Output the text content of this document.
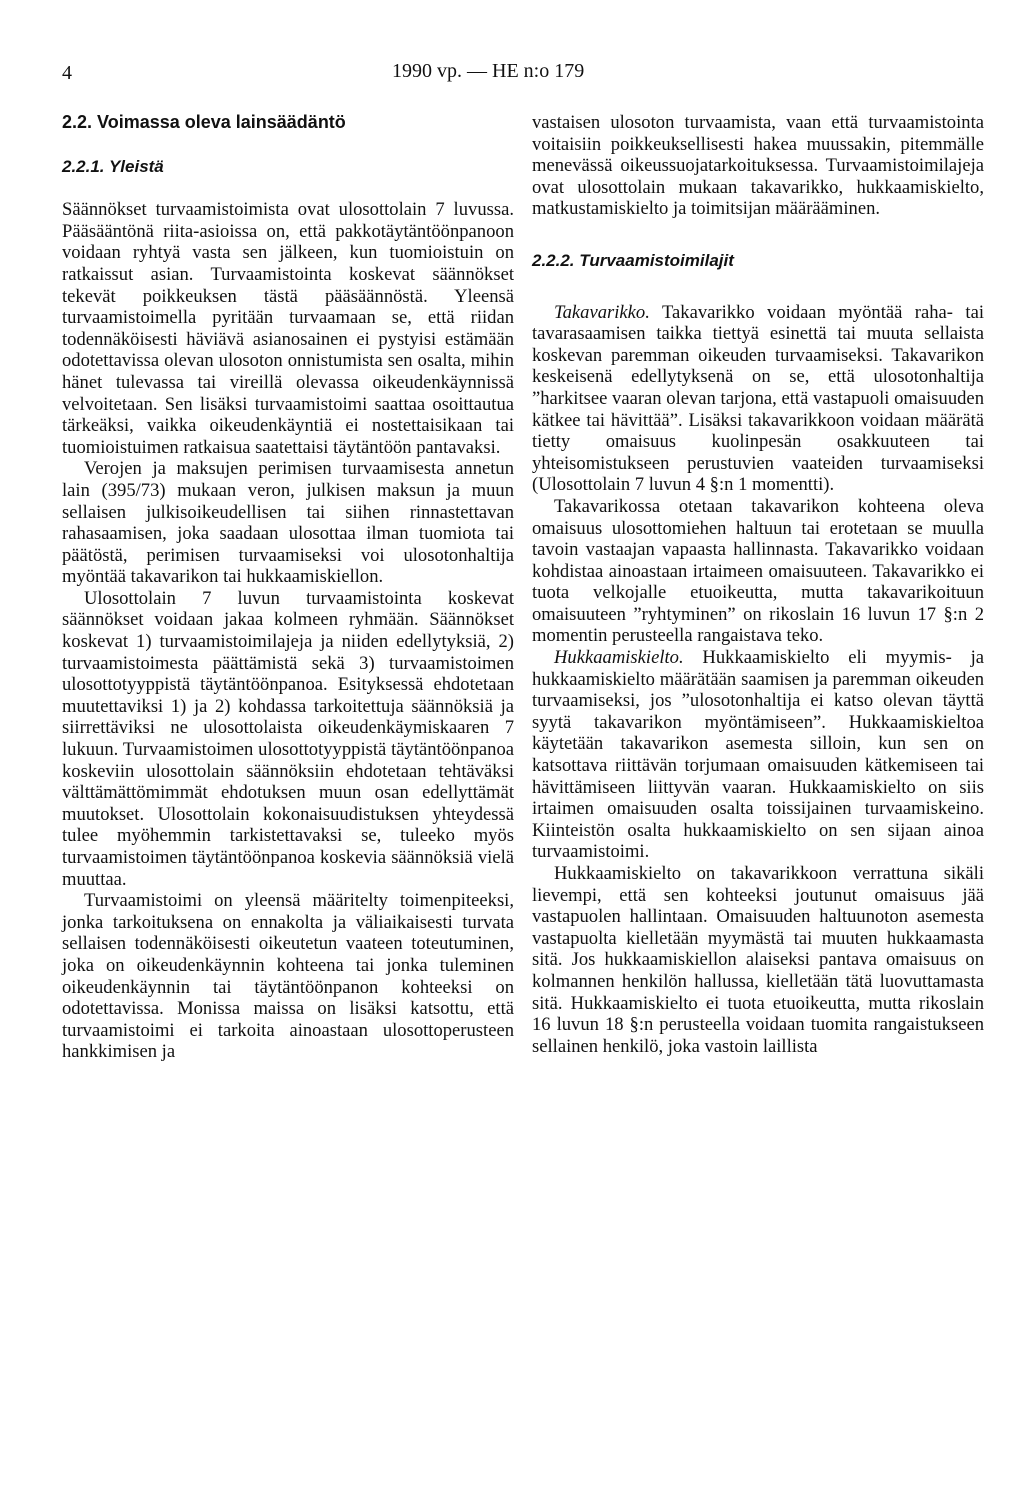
4	1990 vp. — HE n:o 179
2.2. Voimassa oleva lainsäädäntö
2.2.1. Yleistä

Säännökset turvaamistoimista ovat ulosottolain 7 luvussa. Pääsääntönä riita-asioissa on, että pakkotäytäntöönpanoon voidaan ryhtyä vasta sen jälkeen, kun tuomioistuin on ratkaissut asian. Turvaamistointa koskevat säännökset tekevät poikkeuksen tästä pääsäännöstä. Yleensä turvaamistoimella pyritään turvaamaan se, että riidan todennäköisesti häviävä asianosainen ei pystyisi estämään odotettavissa olevan ulosoton onnistumista sen osalta, mihin hänet tulevassa tai vireillä olevassa oikeudenkäynnissä velvoitetaan. Sen lisäksi turvaamistoimi saattaa osoittautua tärkeäksi, vaikka oikeudenkäyntiä ei nostettaisikaan tai tuomioistuimen ratkaisua saatettaisi täytäntöön pantavaksi.

Verojen ja maksujen perimisen turvaamisesta annetun lain (395/73) mukaan veron, julkisen maksun ja muun sellaisen julkisoikeudellisen tai siihen rinnastettavan rahasaamisen, joka saadaan ulosottaa ilman tuomiota tai päätöstä, perimisen turvaamiseksi voi ulosotonhaltija myöntää takavarikon tai hukkaamiskiellon.

Ulosottolain 7 luvun turvaamistointa koskevat säännökset voidaan jakaa kolmeen ryhmään. Säännökset koskevat 1) turvaamistoimilajeja ja niiden edellytyksiä, 2) turvaamistoimesta päättämistä sekä 3) turvaamistoimen ulosottotyyppistä täytäntöönpanoa. Esityksessä ehdotetaan muutettaviksi 1) ja 2) kohdassa tarkoitettuja säännöksiä ja siirrettäviksi ne ulosottolaista oikeudenkäymiskaaren 7 lukuun. Turvaamistoimen ulosottotyyppistä täytäntöönpanoa koskeviin ulosottolain säännöksiin ehdotetaan tehtäväksi välttämättömimmät ehdotuksen muun osan edellyttämät muutokset. Ulosottolain kokonaisuudistuksen yhteydessä tulee myöhemmin tarkistettavaksi se, tuleeko myös turvaamistoimen täytäntöönpanoa koskevia säännöksiä vielä muuttaa.

Turvaamistoimi on yleensä määritelty toimenpiteeksi, jonka tarkoituksena on ennakolta ja väliaikaisesti turvata sellaisen todennäköisesti oikeutetun vaateen toteutuminen, joka on oikeudenkäynnin kohteena tai jonka tuleminen oikeudenkäynnin tai täytäntöönpanon kohteeksi on odotettavissa. Monissa maissa on lisäksi katsottu, että turvaamistoimi ei tarkoita ainoastaan ulosottoperusteen hankkimisen ja

vastaisen ulosoton turvaamista, vaan että turvaamistointa voitaisiin poikkeuksellisesti hakea muussakin, pitemmälle menevässä oikeussuojatarkoituksessa. Turvaamistoimilajeja ovat ulosottolain mukaan takavarikko, hukkaamiskielto, matkustamiskielto ja toimitsijan määrääminen.

2.2.2. Turvaamistoimilajit

Takavarikko. Takavarikko voidaan myöntää raha- tai tavarasaamisen taikka tiettyä esinettä tai muuta sellaista koskevan paremman oikeuden turvaamiseksi. Takavarikon keskeisenä edellytyksenä on se, että ulosotonhaltija ”harkitsee vaaran olevan tarjona, että vastapuoli omaisuuden kätkee tai hävittää”. Lisäksi takavarikkoon voidaan määrätä tietty omaisuus kuolinpesän osakkuuteen tai yhteisomistukseen perustuvien vaateiden turvaamiseksi (Ulosottolain 7 luvun 4 §:n 1 momentti).

Takavarikossa otetaan takavarikon kohteena oleva omaisuus ulosottomiehen haltuun tai erotetaan se muulla tavoin vastaajan vapaasta hallinnasta. Takavarikko voidaan kohdistaa ainoastaan irtaimeen omaisuuteen. Takavarikko ei tuota velkojalle etuoikeutta, mutta takavarikoituun omaisuuteen ”ryhtyminen” on rikoslain 16 luvun 17 §:n 2 momentin perusteella rangaistava teko.

Hukkaamiskielto. Hukkaamiskielto eli myymis- ja hukkaamiskielto määrätään saamisen ja paremman oikeuden turvaamiseksi, jos ”ulosotonhaltija ei katso olevan täyttä syytä takavarikon myöntämiseen”. Hukkaamiskieltoa käytetään takavarikon asemesta silloin, kun sen on katsottava riittävän torjumaan omaisuuden kätkemiseen tai hävittämiseen liittyvän vaaran. Hukkaamiskielto on siis irtaimen omaisuuden osalta toissijainen turvaamiskeino. Kiinteistön osalta hukkaamiskielto on sen sijaan ainoa turvaamistoimi.

Hukkaamiskielto on takavarikkoon verrattuna sikäli lievempi, että sen kohteeksi joutunut omaisuus jää vastapuolen hallintaan. Omaisuuden haltuunoton asemesta vastapuolta kielletään myymästä tai muuten hukkaamasta sitä. Jos hukkaamiskiellon alaiseksi pantava omaisuus on kolmannen henkilön hallussa, kielletään tätä luovuttamasta sitä. Hukkaamiskielto ei tuota etuoikeutta, mutta rikoslain 16 luvun 18 §:n perusteella voidaan tuomita rangaistukseen sellainen henkilö, joka vastoin laillista
